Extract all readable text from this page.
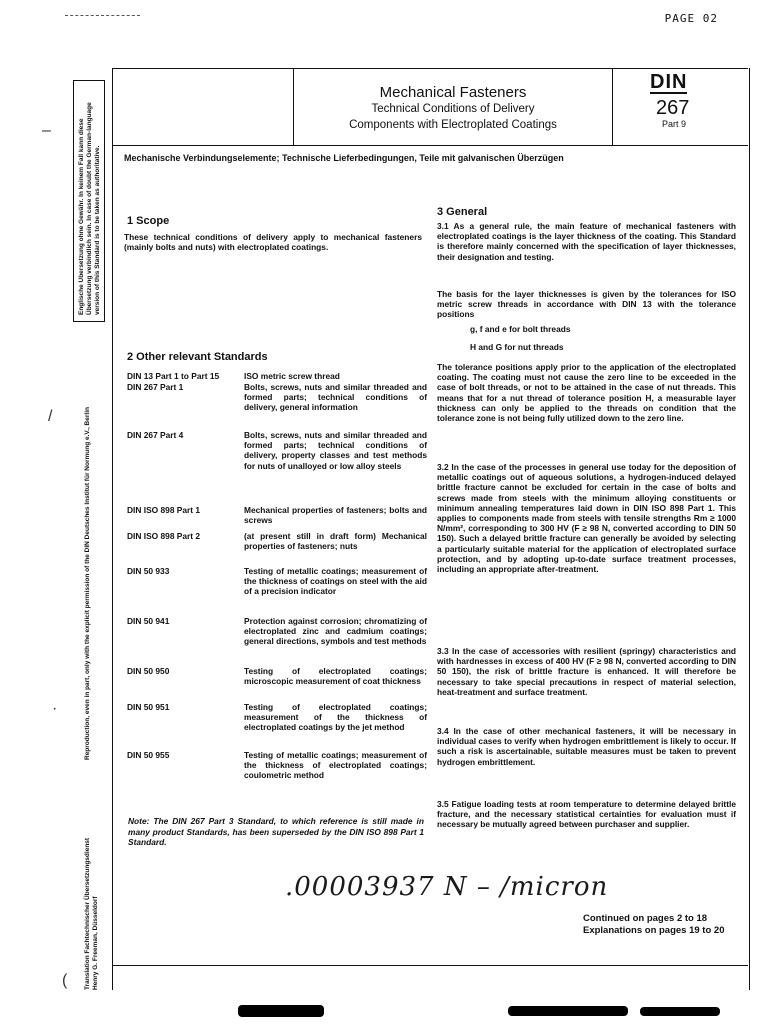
PAGE 02
Englische Ubersetzung ohne Gewähr. In keinem Fall kann diese Übersetzung verbindlich sein. In case of doubt the German-language version of this Standard is to be taken as authoritative.
Reproduction, even in part, only with the explicit permission of the DIN Deutsches Institut für Normung e.V., Berlin
Translation Fachtechnischer Übersetzungsdienst Henry G. Freeman, Düsseldorf
–
/
·
(
Mechanical Fasteners
Technical Conditions of Delivery
Components with Electroplated Coatings
DIN
267
Part 9
Mechanische Verbindungselemente; Technische Lieferbedingungen, Teile mit galvanischen Überzügen
1 Scope
These technical conditions of delivery apply to mechanical fasteners (mainly bolts and nuts) with electroplated coatings.
2 Other relevant Standards
DIN 13 Part 1 to Part 15	ISO metric screw thread
DIN 267 Part 1	Bolts, screws, nuts and similar threaded and formed parts; technical conditions of delivery, general information
DIN 267 Part 4	Bolts, screws, nuts and similar threaded and formed parts; technical conditions of delivery, property classes and test methods for nuts of unalloyed or low alloy steels
DIN ISO 898 Part 1	Mechanical properties of fasteners; bolts and screws
DIN ISO 898 Part 2	(at present still in draft form) Mechanical properties of fasteners; nuts
DIN 50 933	Testing of metallic coatings; measurement of the thickness of coatings on steel with the aid of a precision indicator
DIN 50 941	Protection against corrosion; chromatizing of electroplated zinc and cadmium coatings; general directions, symbols and test methods
DIN 50 950	Testing of electroplated coatings; microscopic measurement of coat thickness
DIN 50 951	Testing of electroplated coatings; measurement of the thickness of electroplated coatings by the jet method
DIN 50 955	Testing of metallic coatings; measurement of the thickness of electroplated coatings; coulometric method
Note: The DIN 267 Part 3 Standard, to which reference is still made in many product Standards, has been superseded by the DIN ISO 898 Part 1 Standard.
3 General
3.1 As a general rule, the main feature of mechanical fasteners with electroplated coatings is the layer thickness of the coating. This Standard is therefore mainly concerned with the specification of layer thicknesses, their designation and testing.
The basis for the layer thicknesses is given by the tolerances for ISO metric screw threads in accordance with DIN 13 with the tolerance positions
g, f and e for bolt threads
H and G for nut threads
The tolerance positions apply prior to the application of the electroplated coating. The coating must not cause the zero line to be exceeded in the case of bolt threads, or not to be attained in the case of nut threads. This means that for a nut thread of tolerance position H, a measurable layer thickness can only be applied to the threads on condition that the tolerance zone is not being fully utilized down to the zero line.
3.2 In the case of the processes in general use today for the deposition of metallic coatings out of aqueous solutions, a hydrogen-induced delayed brittle fracture cannot be excluded for certain in the case of bolts and screws made from steels with the minimum alloying constituents or minimum annealing temperatures laid down in DIN ISO 898 Part 1. This applies to components made from steels with tensile strengths Rm ≥ 1000 N/mm², corresponding to 300 HV (F ≥ 98 N, converted according to DIN 50 150). Such a delayed brittle fracture can generally be avoided by selecting a particularly suitable material for the application of electroplated surface protection, and by adopting up-to-date surface treatment processes, including an appropriate after-treatment.
3.3 In the case of accessories with resilient (springy) characteristics and with hardnesses in excess of 400 HV (F ≥ 98 N, converted according to DIN 50 150), the risk of brittle fracture is enhanced. It will therefore be necessary to take special precautions in respect of material selection, heat-treatment and surface treatment.
3.4 In the case of other mechanical fasteners, it will be necessary in individual cases to verify when hydrogen embrittlement is likely to occur. If such a risk is ascertainable, suitable measures must be taken to prevent hydrogen embrittlement.
3.5 Fatigue loading tests at room temperature to determine delayed brittle fracture, and the necessary statistical certainties for evaluation must if necessary be mutually agreed between purchaser and supplier.
.00003937 N – /micron
Continued on pages 2 to 18
Explanations on pages 19 to 20
